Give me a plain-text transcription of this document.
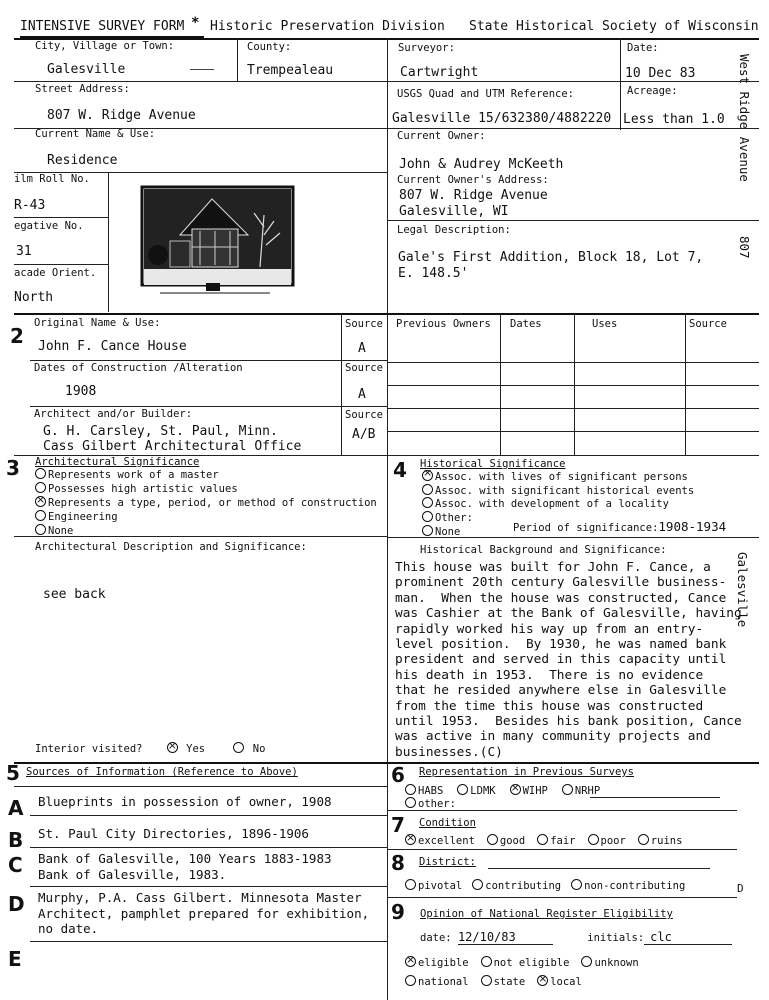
INTENSIVE SURVEY FORM * Historic Preservation Division State Historical Society of Wisconsin
West Ridge Avenue
807
Galesville
D
City, Village or Town:
Galesville
County:
Trempealeau
Surveyor:
Cartwright
Date:
10 Dec 83
Street Address:
807 W. Ridge Avenue
USGS Quad and UTM Reference:
Galesville 15/632380/4882220
Acreage:
Less than 1.0
Current Name & Use:
Residence
Current Owner:
John & Audrey McKeeth
ilm Roll No.
R-43
egative No.
31
acade Orient.
North
Current Owner's Address:
807 W. Ridge Avenue
Galesville, WI
Legal Description:
Gale's First Addition, Block 18, Lot 7,
E. 148.5'
2
Original Name & Use:
John F. Cance House
Source
A
Dates of Construction /Alteration
1908
Source
A
Architect and/or Builder:
G. H. Carsley, St. Paul, Minn.
Cass Gilbert Architectural Office
Source
A/B
Previous Owners Dates	Uses	Source
3 Architectural Significance
Represents work of a master
Possesses high artistic values
×Represents a type, period, or method of construction
Engineering
None

Architectural Description and Significance:
see back
Interior visited? ×	Yes	No
4 Historical Significance
×Assoc. with lives of significant persons
Assoc. with significant historical events
Assoc. with development of a locality
Other:
None	Period of significance:1908-1934
Historical Background and Significance:
This house was built for John F. Cance, a
prominent 20th century Galesville business-
man.  When the house was constructed, Cance
was Cashier at the Bank of Galesville, having
rapidly worked his way up from an entry-
level position.  By 1930, he was named bank
president and served in this capacity until
his death in 1953.  There is no evidence
that he resided anywhere else in Galesville
from the time this house was constructed
until 1953.  Besides his bank position, Cance
was active in many community projects and
businesses.(C)
5 Sources of Information (Reference to Above)
A Blueprints in possession of owner, 1908
B St. Paul City Directories, 1896-1906
C Bank of Galesville, 100 Years 1883-1983
Bank of Galesville, 1983.
D Murphy, P.A. Cass Gilbert. Minnesota Master
Architect, pamphlet prepared for exhibition,
no date.
E
6 Representation in Previous Surveys
HABS	LDMK ×	WIHP	NRHP
other:
7 Condition
×excellent good fair poor ruins
8 District:
pivotal contributing non-contributing
9 Opinion of National Register Eligibility
date: 12/10/83	initials: clc
×eligible not eligible unknown
national state × local
